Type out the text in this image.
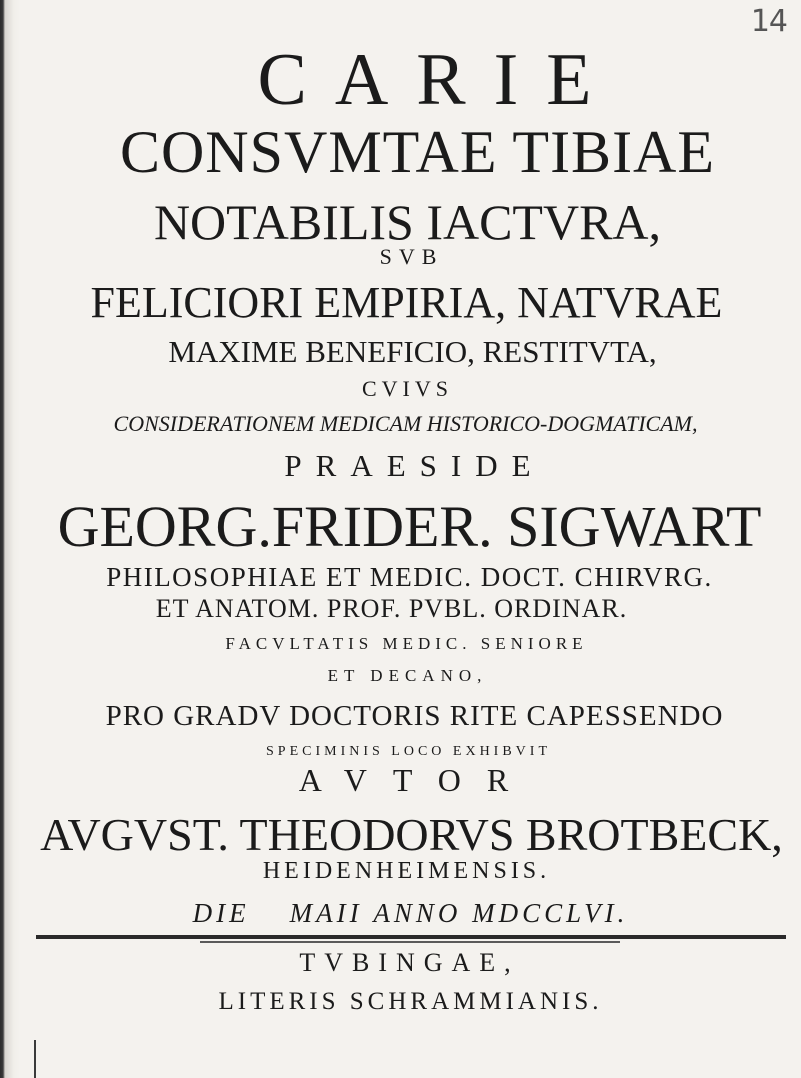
14
CARIE
CONSVMTAE TIBIAE
NOTABILIS IACTVRA,
SVB
FELICIORI EMPIRIA, NATVRAE
MAXIME BENEFICIO, RESTITVTA,
CVIVS
CONSIDERATIONEM MEDICAM HISTORICO-DOGMATICAM,
PRAESIDE
GEORG.FRIDER. SIGWART
PHILOSOPHIAE ET MEDIC. DOCT. CHIRVRG.
ET ANATOM. PROF. PVBL. ORDINAR.
FACVLTATIS MEDIC. SENIORE
ET DECANO,
PRO GRADV DOCTORIS RITE CAPESSENDO
SPECIMINIS LOCO EXHIBVIT
AVTOR
AVGVST. THEODORVS BROTBECK,
HEIDENHEIMENSIS.
DIE MAII ANNO MDCCLVI.
TVBINGAE,
LITERIS SCHRAMMIANIS.
